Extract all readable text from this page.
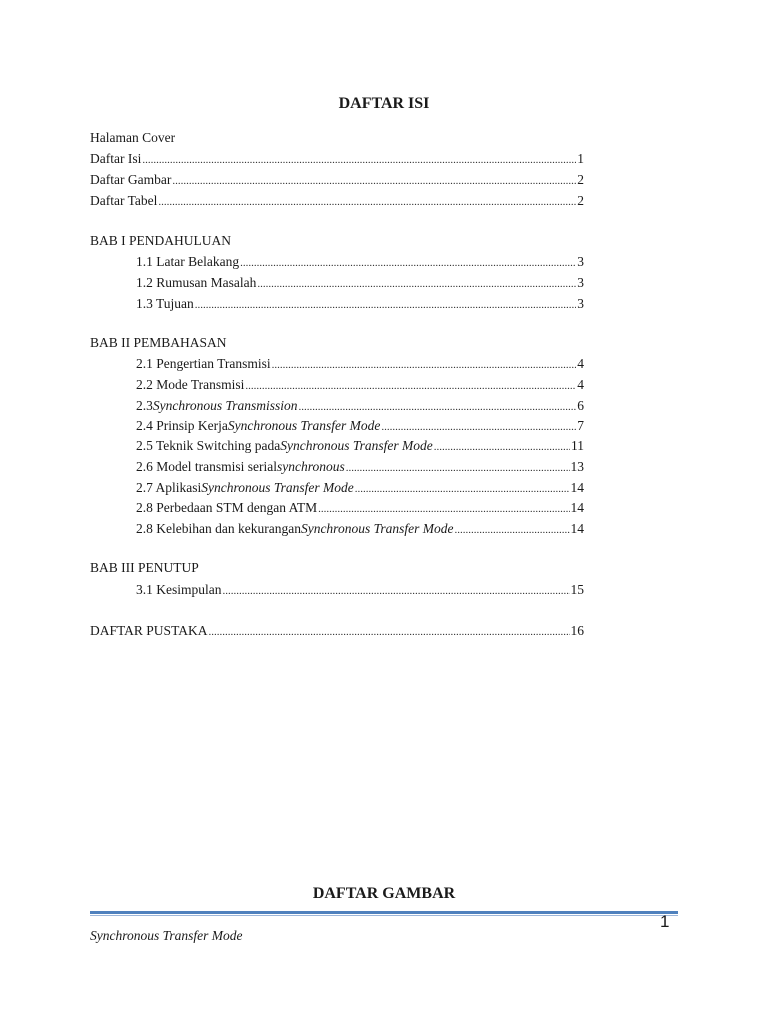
DAFTAR ISI
Halaman Cover
Daftar Isi .....	1
Daftar Gambar .....	2
Daftar Tabel .....	2
BAB I PENDAHULUAN
1.1 Latar Belakang .....	3
1.2 Rumusan Masalah .....	3
1.3 Tujuan .....	3
BAB II PEMBAHASAN
2.1 Pengertian Transmisi .....	4
2.2 Mode Transmisi .....	4
2.3 Synchronous Transmission .....	6
2.4 Prinsip Kerja Synchronous Transfer Mode .....	7
2.5 Teknik Switching pada Synchronous Transfer Mode .....	11
2.6 Model transmisi serial synchronous .....	13
2.7 Aplikasi Synchronous Transfer Mode .....	14
2.8 Perbedaan STM dengan ATM .....	14
2.8 Kelebihan dan kekurangan Synchronous Transfer Mode .....	14
BAB III PENUTUP
3.1 Kesimpulan .....	15
DAFTAR PUSTAKA .....	16
DAFTAR GAMBAR
1
Synchronous Transfer Mode
